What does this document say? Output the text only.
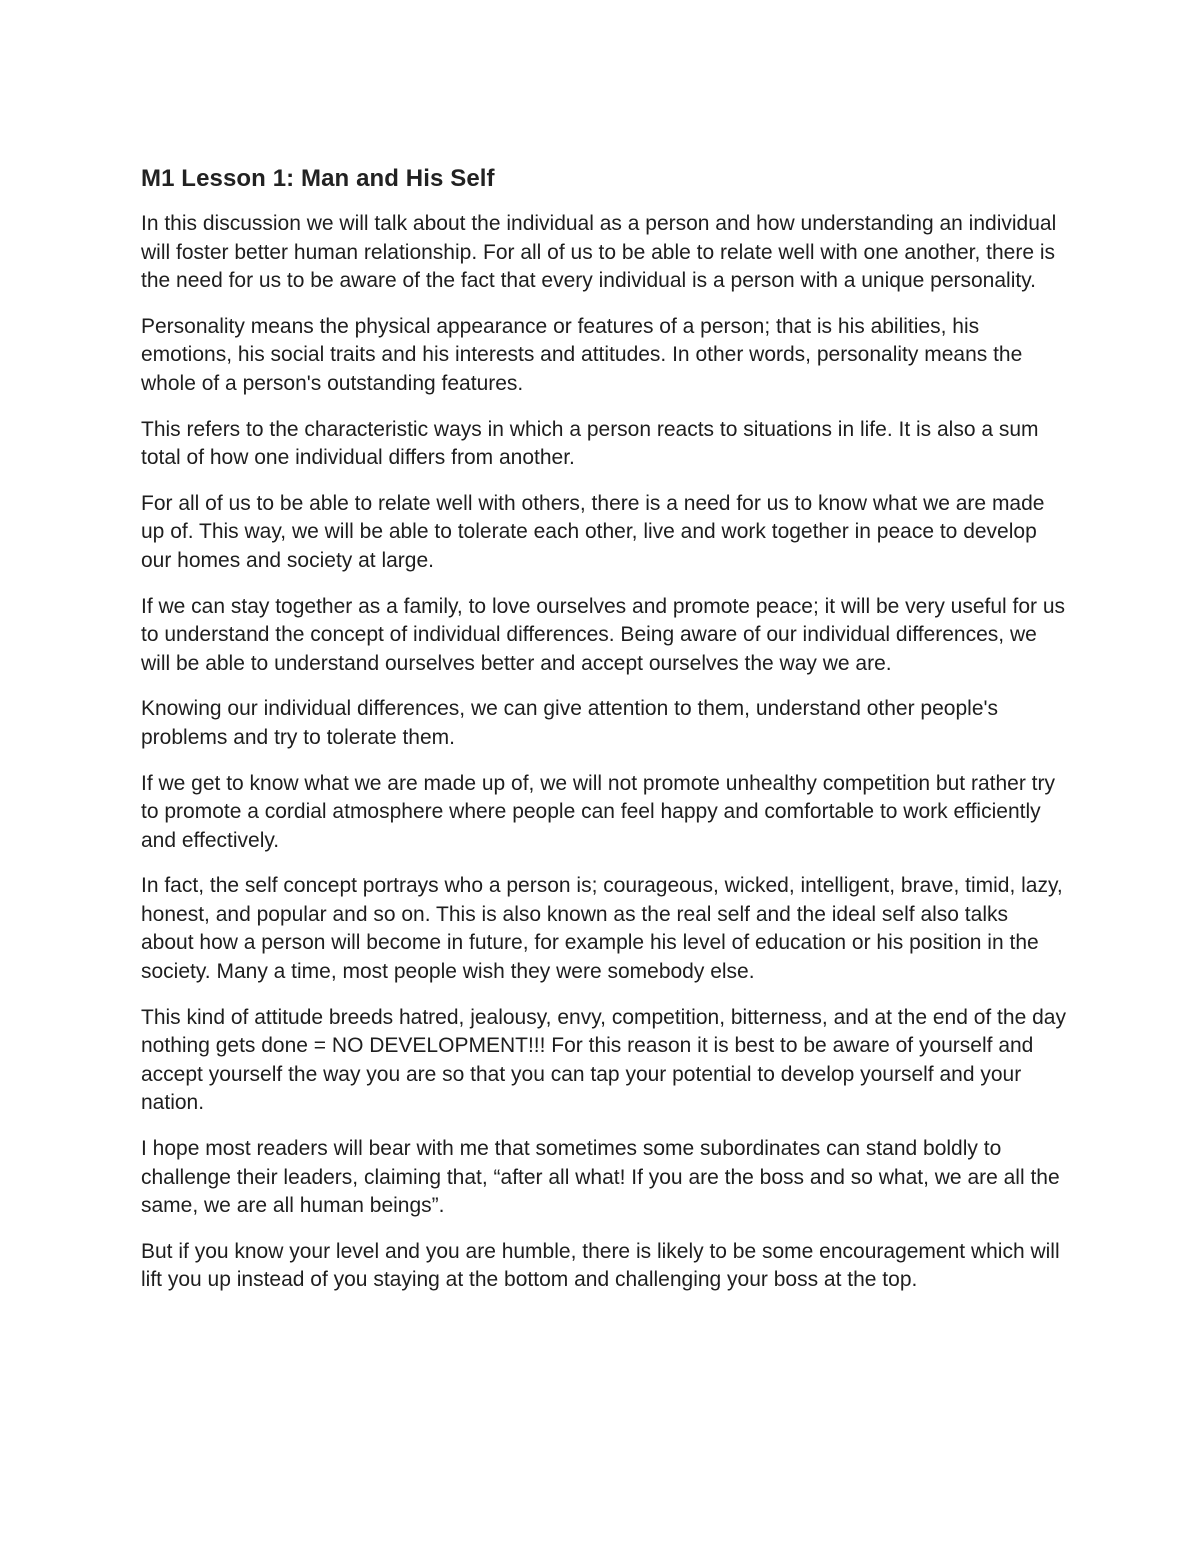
M1 Lesson 1: Man and His Self

In this discussion we will talk about the individual as a person and how understanding an individual will foster better human relationship. For all of us to be able to relate well with one another, there is the need for us to be aware of the fact that every individual is a person with a unique personality.

Personality means the physical appearance or features of a person; that is his abilities, his emotions, his social traits and his interests and attitudes. In other words, personality means the whole of a person's outstanding features.

This refers to the characteristic ways in which a person reacts to situations in life. It is also a sum total of how one individual differs from another.

For all of us to be able to relate well with others, there is a need for us to know what we are made up of. This way, we will be able to tolerate each other, live and work together in peace to develop our homes and society at large.

If we can stay together as a family, to love ourselves and promote peace; it will be very useful for us to understand the concept of individual differences. Being aware of our individual differences, we will be able to understand ourselves better and accept ourselves the way we are.

Knowing our individual differences, we can give attention to them, understand other people's problems and try to tolerate them.

If we get to know what we are made up of, we will not promote unhealthy competition but rather try to promote a cordial atmosphere where people can feel happy and comfortable to work efficiently and effectively.

In fact, the self concept portrays who a person is; courageous, wicked, intelligent, brave, timid, lazy, honest, and popular and so on. This is also known as the real self and the ideal self also talks about how a person will become in future, for example his level of education or his position in the society. Many a time, most people wish they were somebody else.

This kind of attitude breeds hatred, jealousy, envy, competition, bitterness, and at the end of the day nothing gets done = NO DEVELOPMENT!!! For this reason it is best to be aware of yourself and accept yourself the way you are so that you can tap your potential to develop yourself and your nation.

I hope most readers will bear with me that sometimes some subordinates can stand boldly to challenge their leaders, claiming that, “after all what! If you are the boss and so what, we are all the same, we are all human beings”.

But if you know your level and you are humble, there is likely to be some encouragement which will lift you up instead of you staying at the bottom and challenging your boss at the top.
